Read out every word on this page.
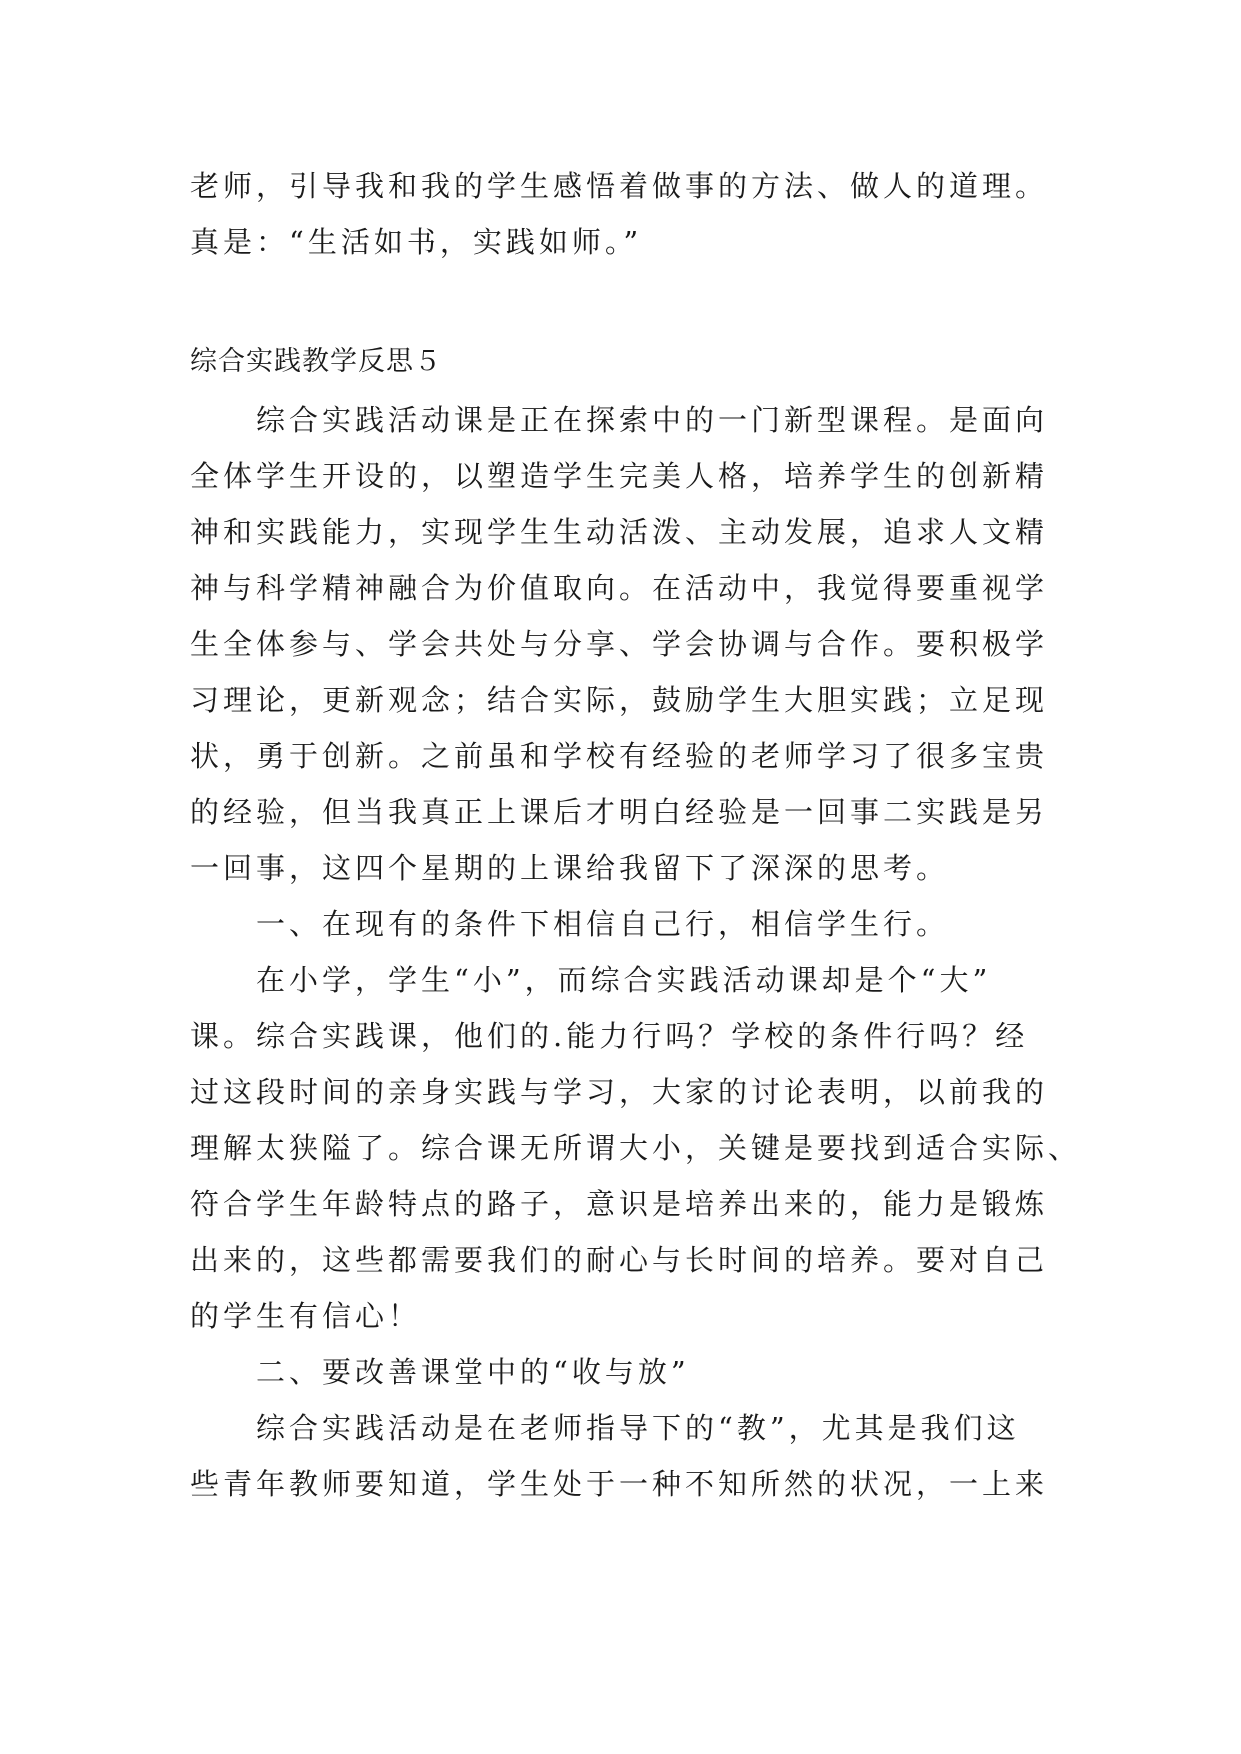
老师，引导我和我的学生感悟着做事的方法、做人的道理。
真是：“生活如书，实践如师。”
综合实践教学反思５
综合实践活动课是正在探索中的一门新型课程。是面向
全体学生开设的，以塑造学生完美人格，培养学生的创新精
神和实践能力，实现学生生动活泼、主动发展，追求人文精
神与科学精神融合为价值取向。在活动中，我觉得要重视学
生全体参与、学会共处与分享、学会协调与合作。要积极学
习理论，更新观念；结合实际，鼓励学生大胆实践；立足现
状，勇于创新。之前虽和学校有经验的老师学习了很多宝贵
的经验，但当我真正上课后才明白经验是一回事二实践是另
一回事，这四个星期的上课给我留下了深深的思考。
一、在现有的条件下相信自己行，相信学生行。
在小学，学生“小”，而综合实践活动课却是个“大”
课。综合实践课，他们的.能力行吗？学校的条件行吗？经
过这段时间的亲身实践与学习，大家的讨论表明，以前我的
理解太狭隘了。综合课无所谓大小，关键是要找到适合实际、
符合学生年龄特点的路子，意识是培养出来的，能力是锻炼
出来的，这些都需要我们的耐心与长时间的培养。要对自己
的学生有信心！
二、要改善课堂中的“收与放”
综合实践活动是在老师指导下的“教”，尤其是我们这
些青年教师要知道，学生处于一种不知所然的状况，一上来
